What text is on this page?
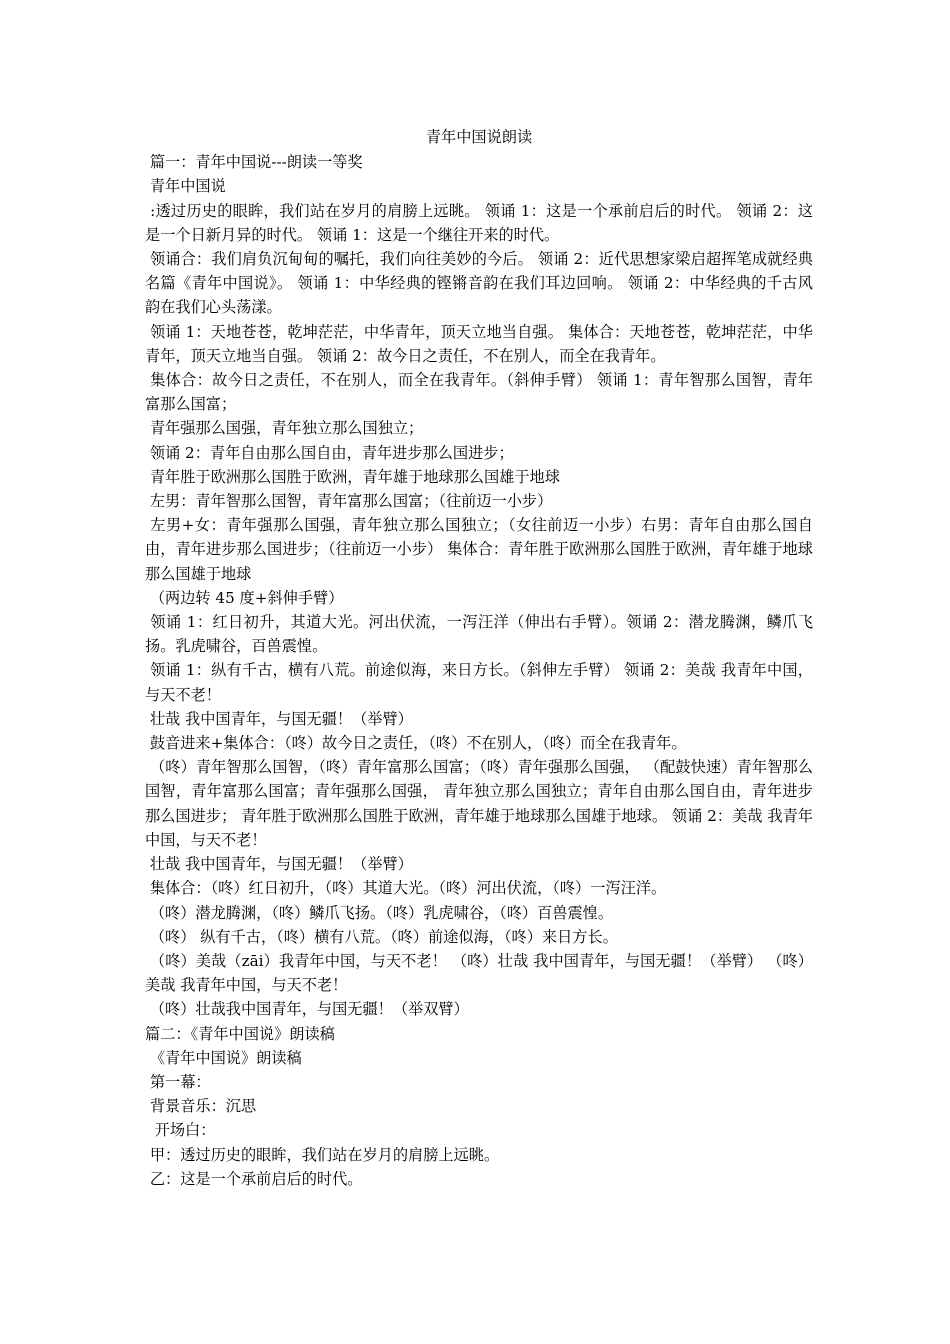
青年中国说朗读

篇一：青年中国说---朗读一等奖

青年中国说

:透过历史的眼眸，我们站在岁月的肩膀上远眺。 领诵 1：这是一个承前启后的时代。 领诵 2：这是一个日新月异的时代。 领诵 1：这是一个继往开来的时代。

领诵合：我们肩负沉甸甸的嘱托，我们向往美妙的今后。 领诵 2：近代思想家梁启超挥笔成就经典名篇《青年中国说》。 领诵 1：中华经典的铿锵音韵在我们耳边回响。 领诵 2：中华经典的千古风韵在我们心头荡漾。

领诵 1：天地苍苍，乾坤茫茫，中华青年，顶天立地当自强。 集体合：天地苍苍，乾坤茫茫，中华青年，顶天立地当自强。 领诵 2：故今日之责任，不在别人，而全在我青年。

集体合：故今日之责任，不在别人，而全在我青年。（斜伸手臂） 领诵 1：青年智那么国智，青年富那么国富；

青年强那么国强，青年独立那么国独立；

领诵 2：青年自由那么国自由，青年进步那么国进步；

青年胜于欧洲那么国胜于欧洲，青年雄于地球那么国雄于地球

左男：青年智那么国智，青年富那么国富；（往前迈一小步）

左男+女：青年强那么国强，青年独立那么国独立；（女往前迈一小步）右男：青年自由那么国自由，青年进步那么国进步；（往前迈一小步） 集体合：青年胜于欧洲那么国胜于欧洲，青年雄于地球那么国雄于地球

（两边转 45 度+斜伸手臂）

领诵 1：红日初升，其道大光。河出伏流，一泻汪洋（伸出右手臂）。领诵 2：潜龙腾渊，鳞爪飞扬。乳虎啸谷，百兽震惶。

领诵 1：纵有千古，横有八荒。前途似海，来日方长。（斜伸左手臂） 领诵 2：美哉 我青年中国，与天不老！

壮哉 我中国青年，与国无疆！（举臂）

鼓音进来+集体合：（咚）故今日之责任，（咚）不在别人，（咚）而全在我青年。

（咚）青年智那么国智，（咚）青年富那么国富；（咚）青年强那么国强， （配鼓快速）青年智那么国智，青年富那么国富；青年强那么国强， 青年独立那么国独立；青年自由那么国自由，青年进步那么国进步； 青年胜于欧洲那么国胜于欧洲，青年雄于地球那么国雄于地球。 领诵 2：美哉 我青年中国，与天不老！

壮哉 我中国青年，与国无疆！（举臂）

集体合：（咚）红日初升，（咚）其道大光。（咚）河出伏流，（咚）一泻汪洋。

（咚）潜龙腾渊，（咚）鳞爪飞扬。（咚）乳虎啸谷，（咚）百兽震惶。

（咚） 纵有千古，（咚）横有八荒。（咚）前途似海，（咚）来日方长。

（咚）美哉（zāi）我青年中国，与天不老！ （咚）壮哉 我中国青年，与国无疆！（举臂） （咚）美哉 我青年中国，与天不老！

（咚）壮哉我中国青年，与国无疆！（举双臂）

篇二：《青年中国说》朗读稿

《青年中国说》朗读稿

第一幕：

背景音乐：沉思

开场白：

甲：透过历史的眼眸，我们站在岁月的肩膀上远眺。

乙：这是一个承前启后的时代。
